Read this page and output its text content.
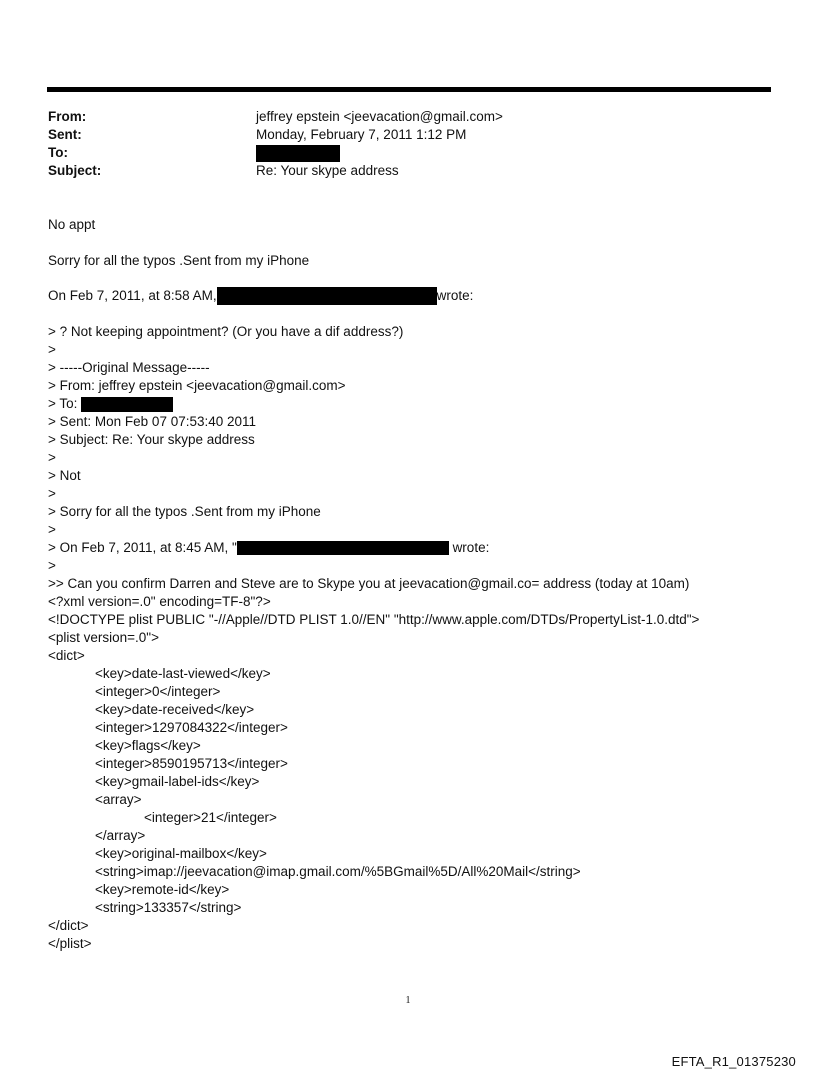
From:	jeffrey epstein <jeevacation@gmail.com>
Sent:	Monday, February 7, 2011 1:12 PM
To:
Subject:	Re: Your skype address
No appt
Sorry for all the typos .Sent from my iPhone
On Feb 7, 2011, at 8:58 AM,	wrote:
> ? Not keeping appointment? (Or you have a dif address?)
>
> -----Original Message-----
> From: jeffrey epstein <jeevacation@gmail.com>
> To:
> Sent: Mon Feb 07 07:53:40 2011
> Subject: Re: Your skype address
>
> Not
>
> Sorry for all the typos .Sent from my iPhone
>
> On Feb 7, 2011, at 8:45 AM, "	wrote:
>
>> Can you confirm Darren and Steve are to Skype you at jeevacation@gmail.co= address (today at 10am)
<?xml version=.0" encoding=TF-8"?>
<!DOCTYPE plist PUBLIC "-//Apple//DTD PLIST 1.0//EN" "http://www.apple.com/DTDs/PropertyList-1.0.dtd">
<plist version=.0">
<dict>
<key>date-last-viewed</key>
<integer>0</integer>
<key>date-received</key>
<integer>1297084322</integer>
<key>flags</key>
<integer>8590195713</integer>
<key>gmail-label-ids</key>
<array>
<integer>21</integer>
</array>
<key>original-mailbox</key>
<string>imap://jeevacation@imap.gmail.com/%5BGmail%5D/All%20Mail</string>
<key>remote-id</key>
<string>133357</string>
</dict>
</plist>
1
EFTA_R1_01375230
